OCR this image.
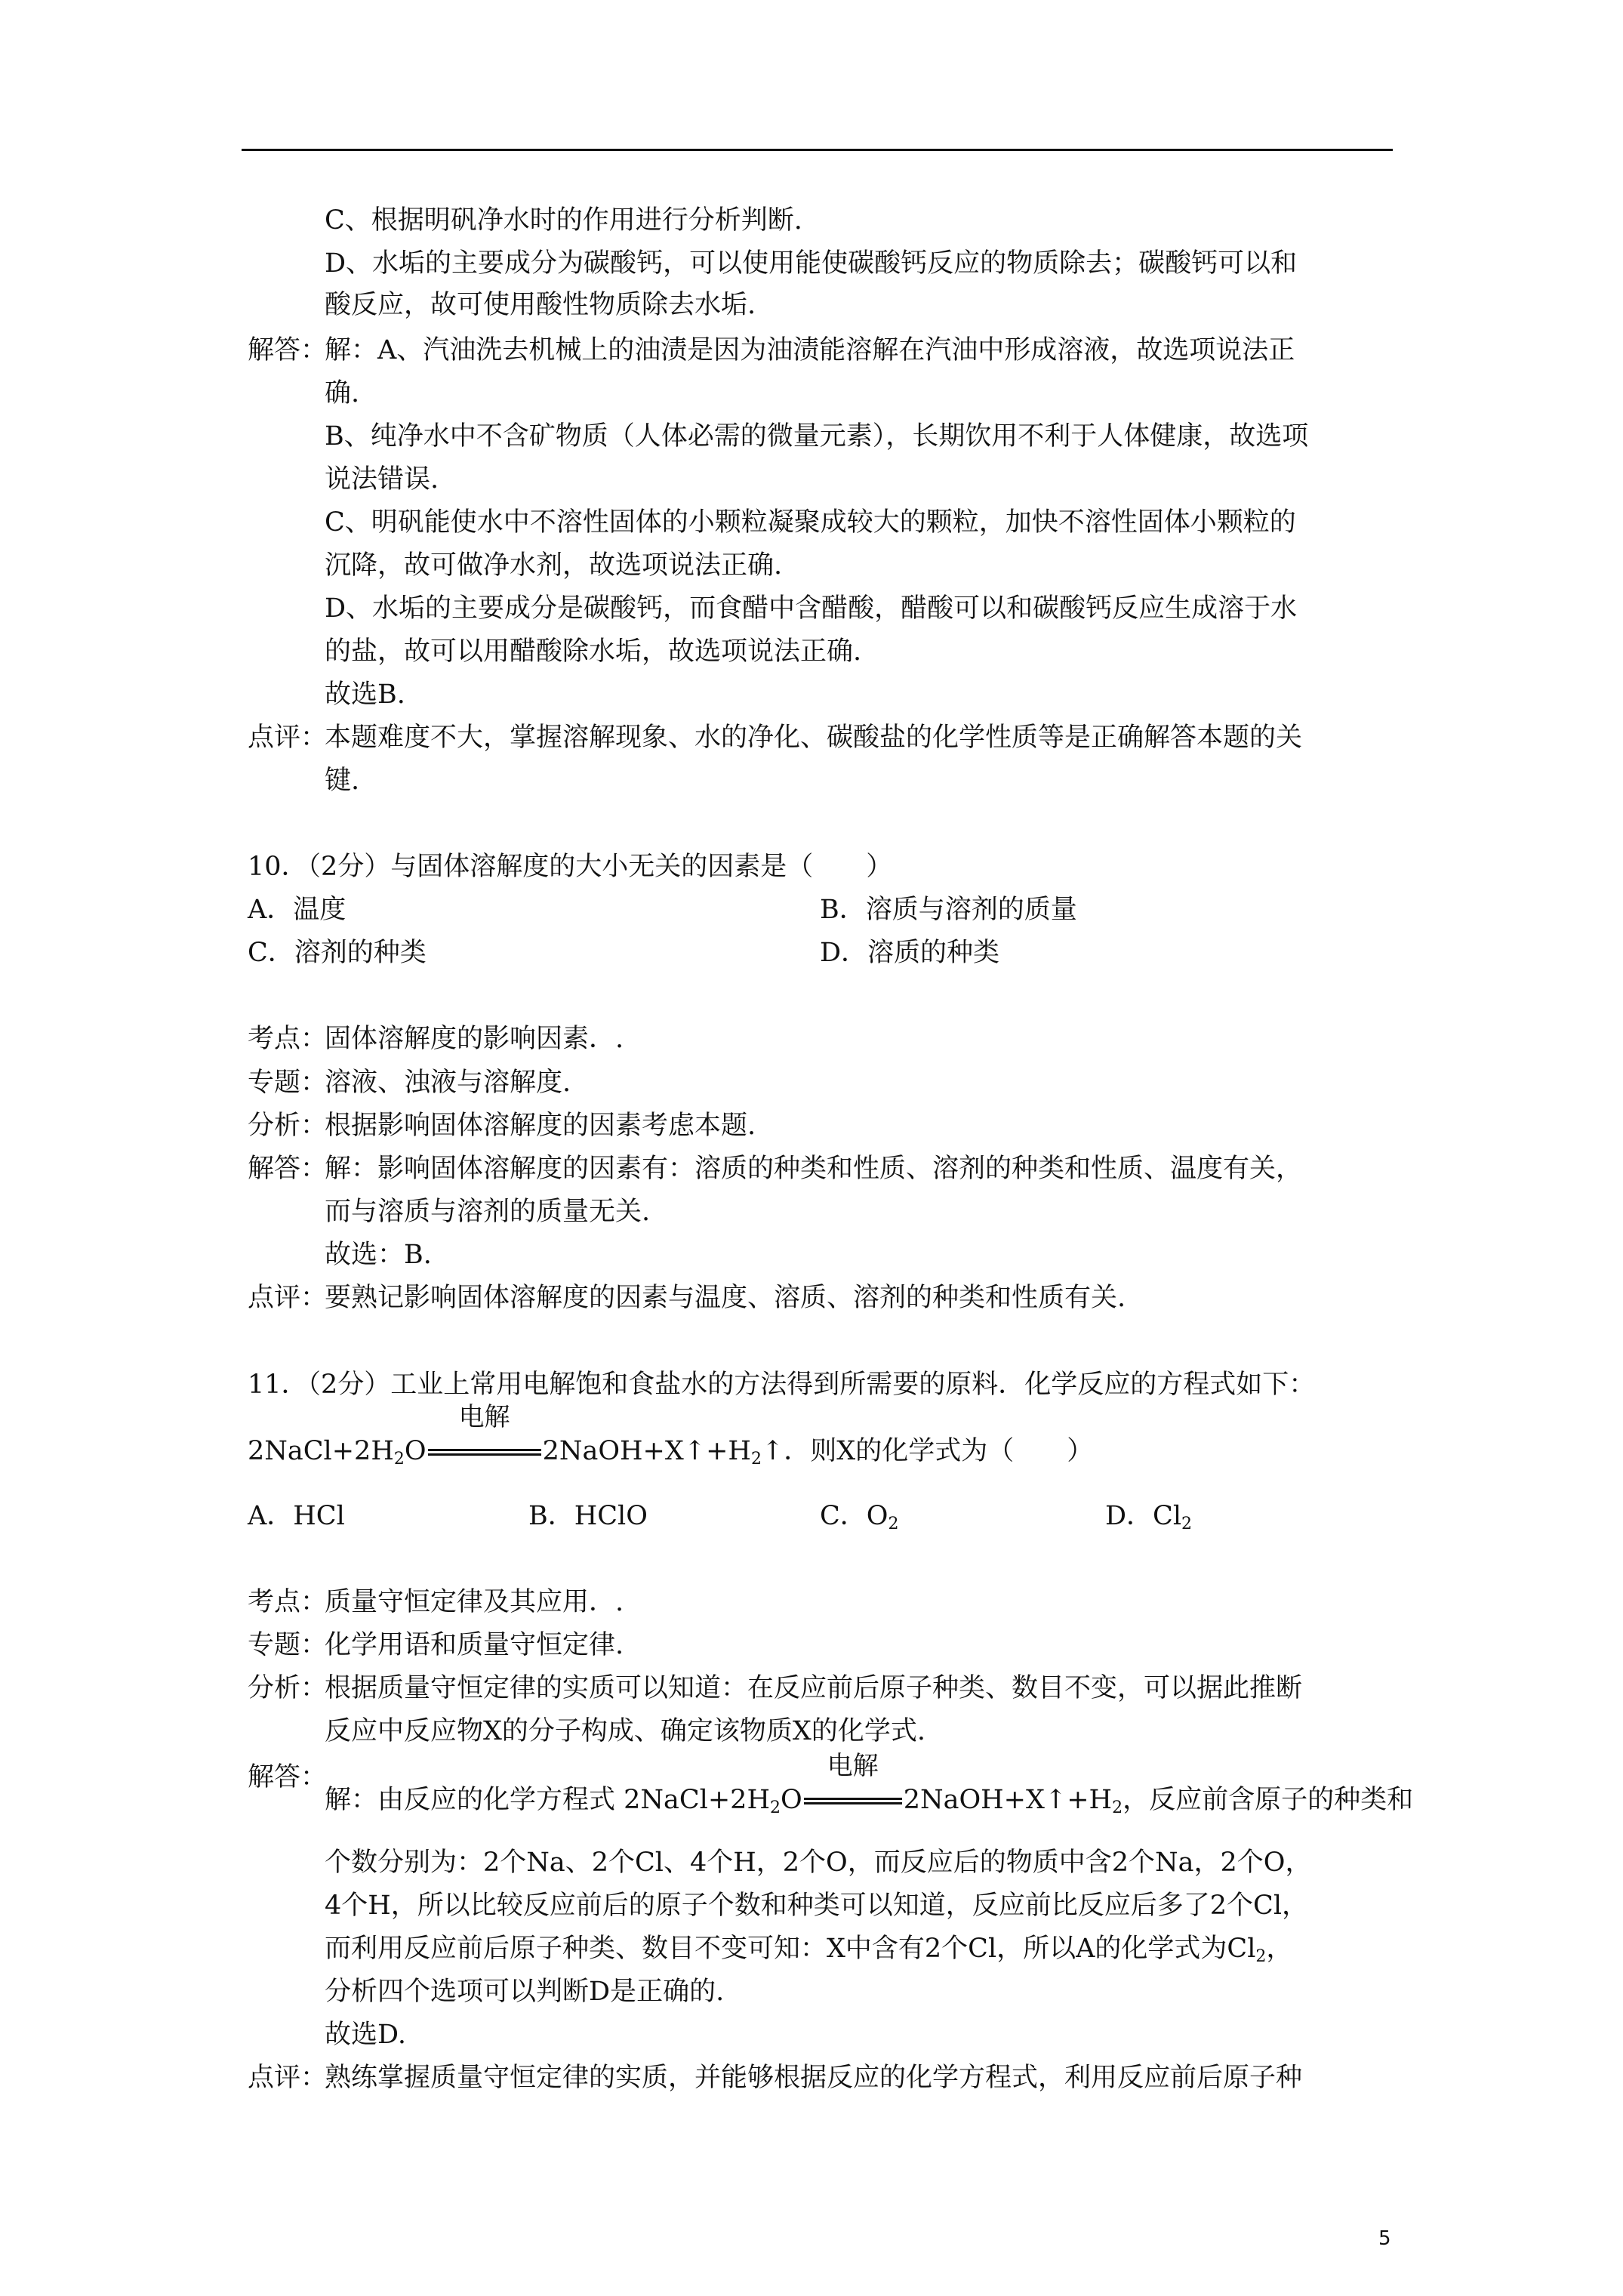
C、根据明矾净水时的作用进行分析判断.
D、水垢的主要成分为碳酸钙，可以使用能使碳酸钙反应的物质除去；碳酸钙可以和
酸反应，故可使用酸性物质除去水垢.
解答：
解：A、汽油洗去机械上的油渍是因为油渍能溶解在汽油中形成溶液，故选项说法正
确.
B、纯净水中不含矿物质（人体必需的微量元素），长期饮用不利于人体健康，故选项
说法错误.
C、明矾能使水中不溶性固体的小颗粒凝聚成较大的颗粒，加快不溶性固体小颗粒的
沉降，故可做净水剂，故选项说法正确.
D、水垢的主要成分是碳酸钙，而食醋中含醋酸，醋酸可以和碳酸钙反应生成溶于水
的盐，故可以用醋酸除水垢，故选项说法正确.
故选B.
点评：
本题难度不大，掌握溶解现象、水的净化、碳酸盐的化学性质等是正确解答本题的关
键.
10．（2分）与固体溶解度的大小无关的因素是（　　）
A．温度	B．溶质与溶剂的质量
C．溶剂的种类	D．溶质的种类
考点：
固体溶解度的影响因素．.
专题：
溶液、浊液与溶解度.
分析：
根据影响固体溶解度的因素考虑本题.
解答：
解：影响固体溶解度的因素有：溶质的种类和性质、溶剂的种类和性质、温度有关，
而与溶质与溶剂的质量无关.
故选：B.
点评：
要熟记影响固体溶解度的因素与温度、溶质、溶剂的种类和性质有关.
11．（2分）工业上常用电解饱和食盐水的方法得到所需要的原料．化学反应的方程式如下：
$2NaCl+2H_2O$
电解
$2NaOH+X↑+H_2↑$．则X的化学式为（　　）
A．HCl	B．HClO	C．$O_2$	D．$Cl_2$
考点：
质量守恒定律及其应用．.
专题：
化学用语和质量守恒定律.
分析：
根据质量守恒定律的实质可以知道：在反应前后原子种类、数目不变，可以据此推断
反应中反应物X的分子构成、确定该物质X的化学式.
解答：
解：由反应的化学方程式 $2NaCl+2H_2O$
电解
$2NaOH+X↑+H_2$，反应前含原子的种类和
个数分别为：2个Na、2个Cl、4个H，2个O，而反应后的物质中含2个Na，2个O，
4个H，所以比较反应前后的原子个数和种类可以知道，反应前比反应后多了2个Cl，
而利用反应前后原子种类、数目不变可知：X中含有2个Cl，所以A的化学式为$Cl_2$，
分析四个选项可以判断D是正确的.
故选D.
点评：
熟练掌握质量守恒定律的实质，并能够根据反应的化学方程式，利用反应前后原子种
5
